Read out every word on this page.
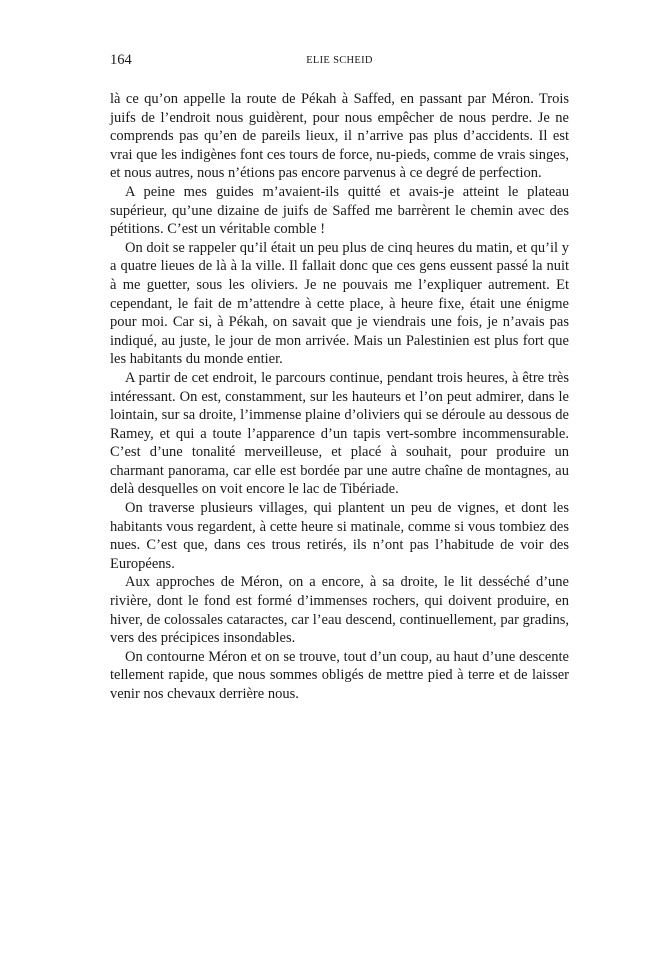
164	ELIE SCHEID

là ce qu’on appelle la route de Pékah à Saffed, en passant par Méron. Trois juifs de l’endroit nous guidèrent, pour nous empêcher de nous perdre. Je ne comprends pas qu’en de pareils lieux, il n’arrive pas plus d’accidents. Il est vrai que les indigènes font ces tours de force, nu-pieds, comme de vrais singes, et nous autres, nous n’étions pas encore parvenus à ce degré de perfection.

A peine mes guides m’avaient-ils quitté et avais-je atteint le plateau supérieur, qu’une dizaine de juifs de Saffed me barrèrent le chemin avec des pétitions. C’est un véritable comble !

On doit se rappeler qu’il était un peu plus de cinq heures du matin, et qu’il y a quatre lieues de là à la ville. Il fallait donc que ces gens eussent passé la nuit à me guetter, sous les oliviers. Je ne pouvais me l’expliquer autrement. Et cependant, le fait de m’attendre à cette place, à heure fixe, était une énigme pour moi. Car si, à Pékah, on savait que je viendrais une fois, je n’avais pas indiqué, au juste, le jour de mon arrivée. Mais un Palestinien est plus fort que les habitants du monde entier.

A partir de cet endroit, le parcours continue, pendant trois heures, à être très intéressant. On est, constamment, sur les hauteurs et l’on peut admirer, dans le lointain, sur sa droite, l’immense plaine d’oliviers qui se déroule au dessous de Ramey, et qui a toute l’apparence d’un tapis vert-sombre incommensurable. C’est d’une tonalité merveilleuse, et placé à souhait, pour produire un charmant panorama, car elle est bordée par une autre chaîne de montagnes, au delà desquelles on voit encore le lac de Tibériade.

On traverse plusieurs villages, qui plantent un peu de vignes, et dont les habitants vous regardent, à cette heure si matinale, comme si vous tombiez des nues. C’est que, dans ces trous retirés, ils n’ont pas l’habitude de voir des Européens.

Aux approches de Méron, on a encore, à sa droite, le lit desséché d’une rivière, dont le fond est formé d’immenses rochers, qui doivent produire, en hiver, de colossales cataractes, car l’eau descend, continuellement, par gradins, vers des précipices insondables.

On contourne Méron et on se trouve, tout d’un coup, au haut d’une descente tellement rapide, que nous sommes obligés de mettre pied à terre et de laisser venir nos chevaux derrière nous.
